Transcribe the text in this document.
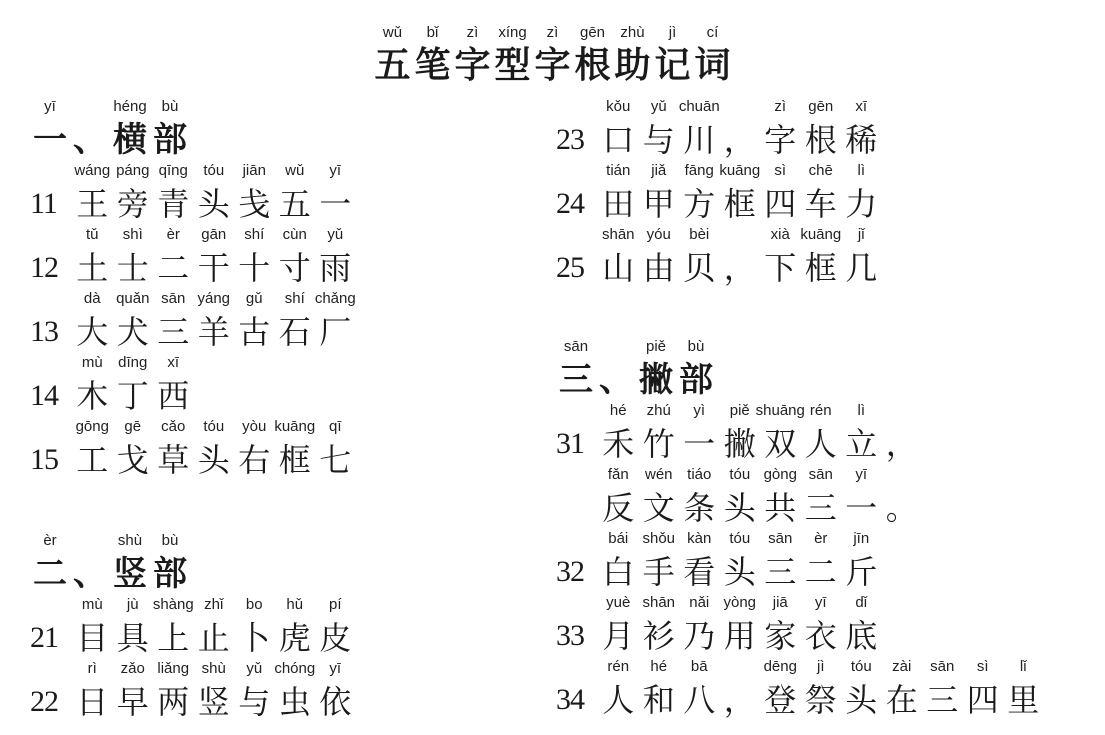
wǔ
五
bǐ
笔
zì
字
xíng
型
zì
字
gēn
根
zhù
助
jì
记
cí
词
yī
一 、
héng
横
bù
部
11
wáng
王
páng
旁
qīng
青
tóu
头
jiān
戋
wǔ
五
yī
一
12
tǔ
土
shì
士
èr
二
gān
干
shí
十
cùn
寸
yǔ
雨
13
dà
大
quǎn
犬
sān
三
yáng
羊
gǔ
古
shí
石
chǎng
厂
14
mù
木
dīng
丁
xī
西
15
gōng
工
gē
戈
cǎo
草
tóu
头
yòu
右
kuāng
框
qī
七
èr
二 、
shù
竖
bù
部
21
mù
目
jù
具
shàng
上
zhǐ
止
bo
卜
hǔ
虎
pí
皮
22
rì
日
zǎo
早
liǎng
两
shù
竖
yǔ
与
chóng
虫
yī
依
23
kǒu
口
yǔ
与
chuān
川 ，
zì
字
gēn
根
xī
稀
24
tián
田
jiǎ
甲
fāng
方
kuāng
框
sì
四
chē
车
lì
力
25
shān
山
yóu
由
bèi
贝 ，
xià
下
kuāng
框
jǐ
几
sān
三 、
piě
撇
bù
部
31
hé
禾
zhú
竹
yì
一
piě
撇
shuāng
双
rén
人
lì
立 ，
fǎn
反
wén
文
tiáo
条
tóu
头
gòng
共
sān
三
yī
一 。
32
bái
白
shǒu
手
kàn
看
tóu
头
sān
三
èr
二
jīn
斤
33
yuè
月
shān
衫
nǎi
乃
yòng
用
jiā
家
yī
衣
dǐ
底
34
rén
人
hé
和
bā
八 ，
dēng
登
jì
祭
tóu
头
zài
在
sān
三
sì
四
lǐ
里
